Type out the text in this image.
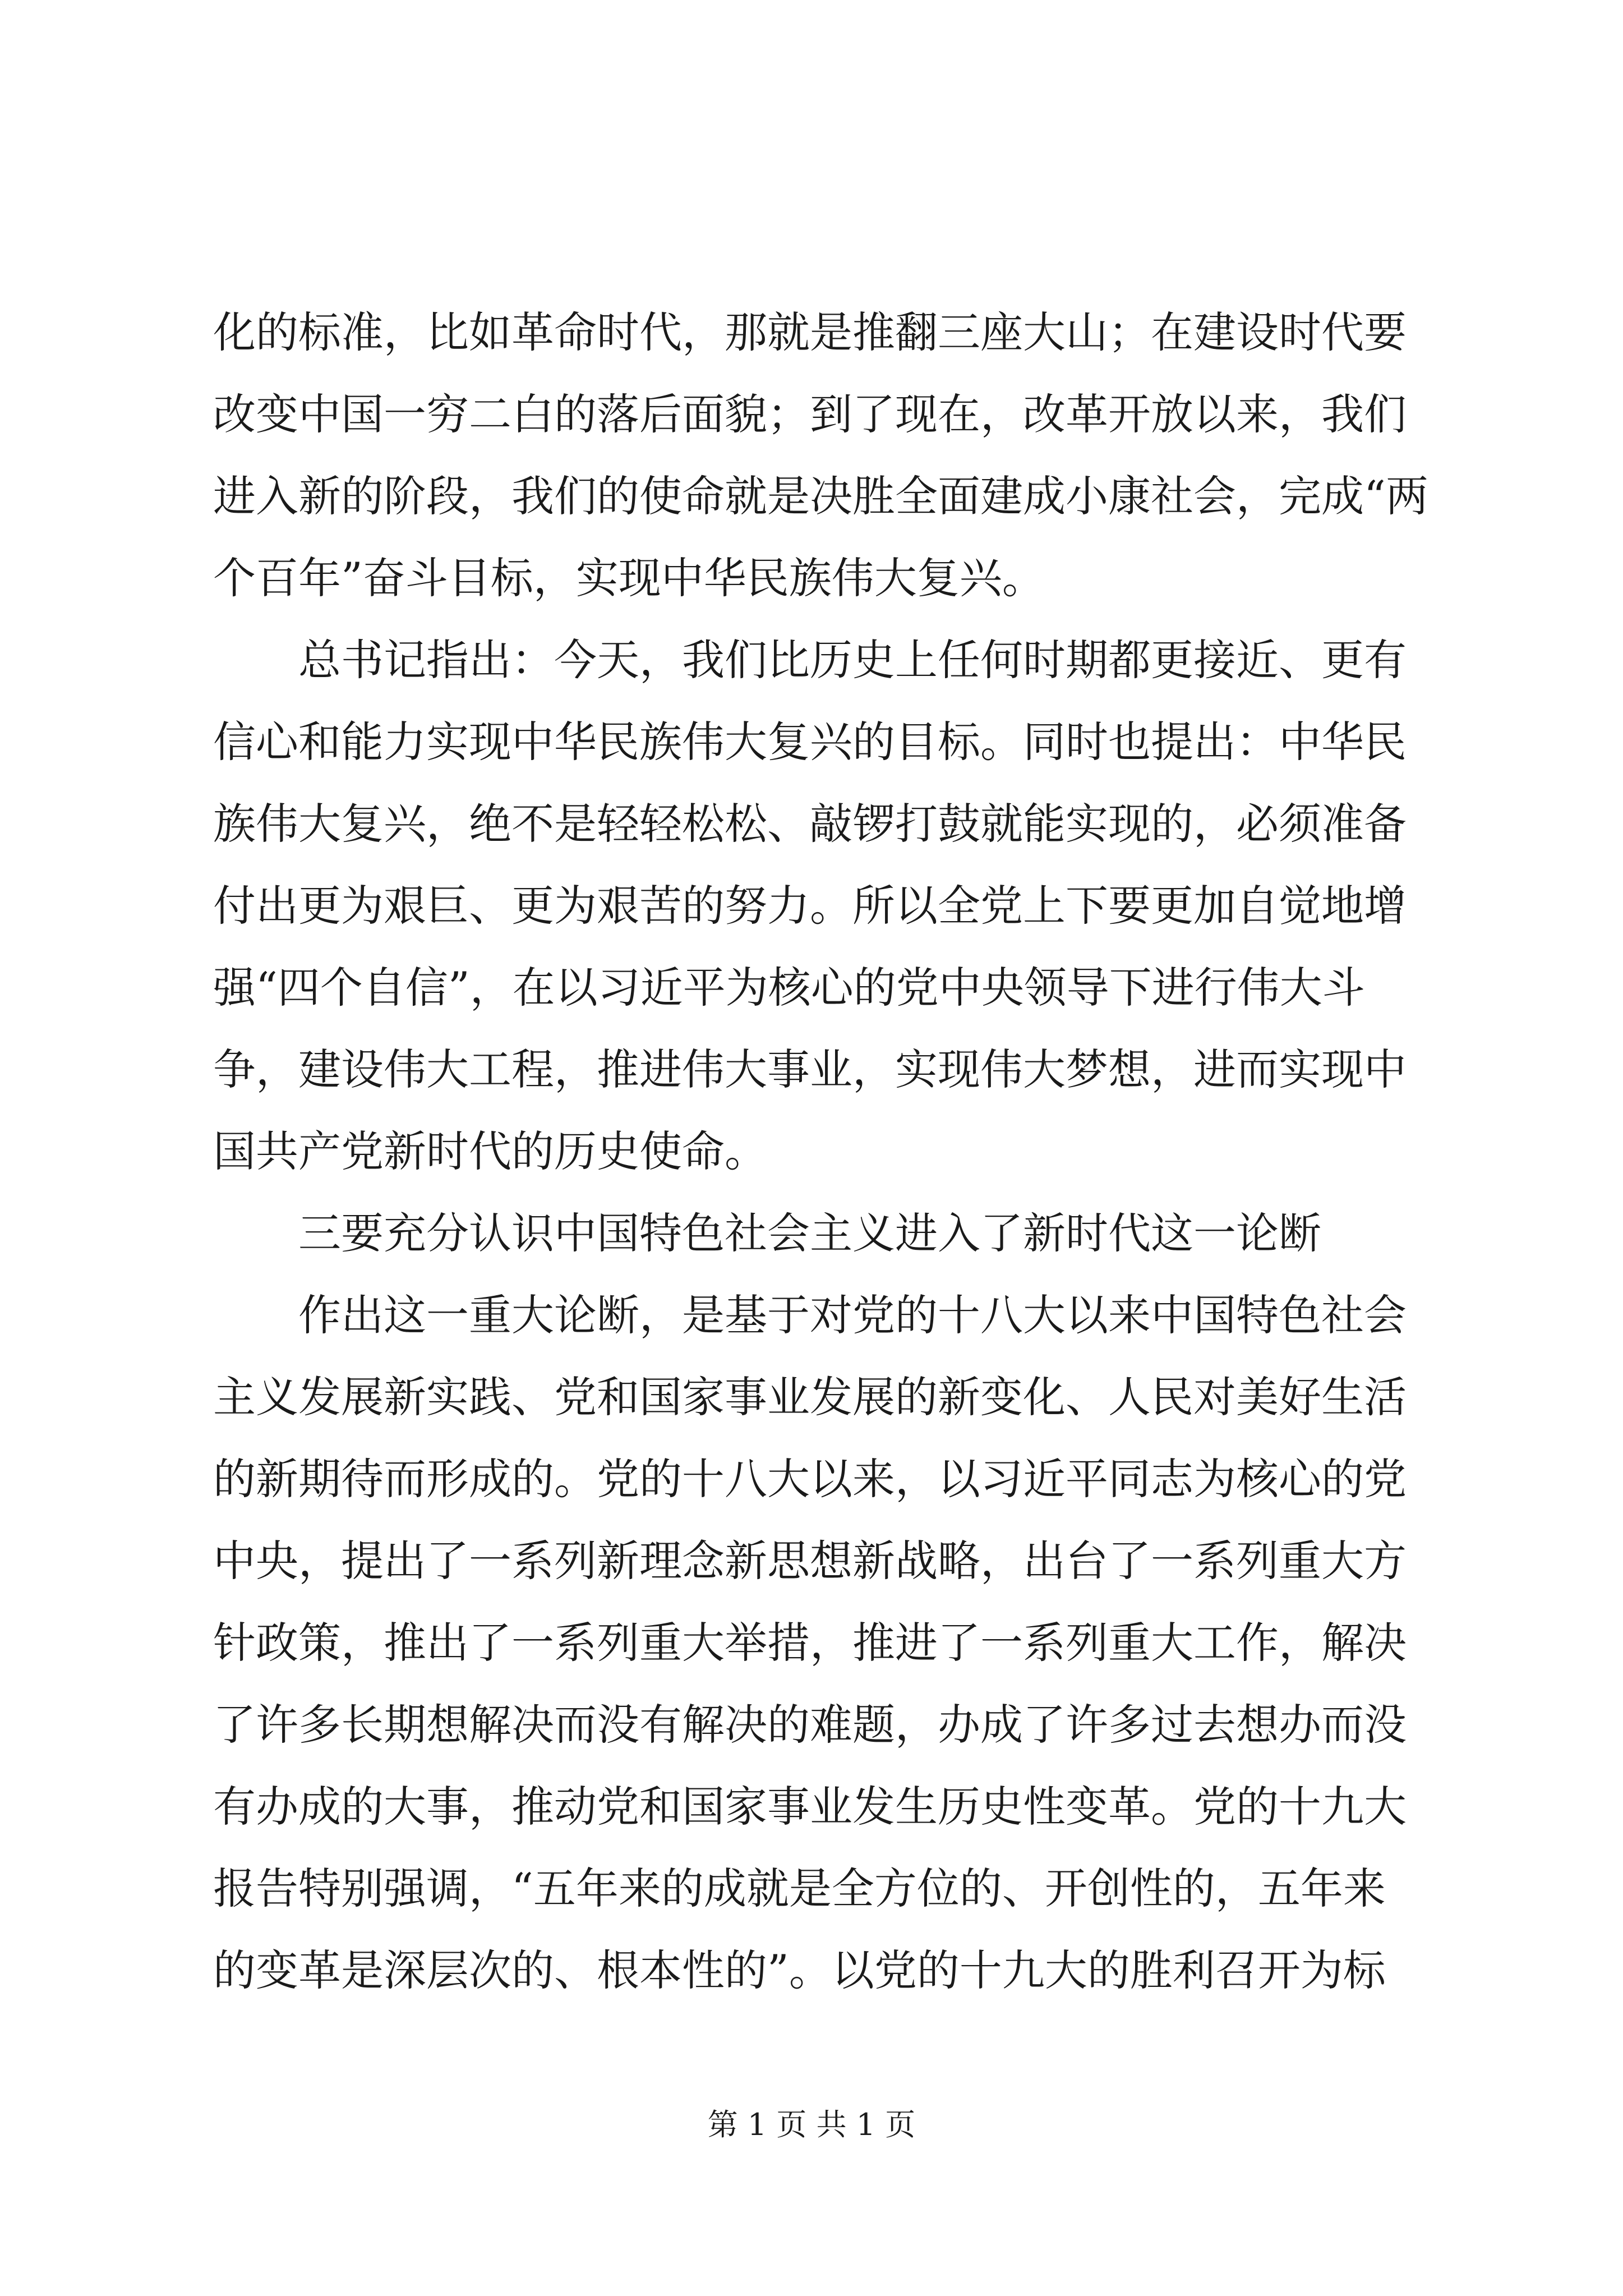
化的标准，比如革命时代，那就是推翻三座大山；在建设时代要
改变中国一穷二白的落后面貌；到了现在，改革开放以来，我们
进入新的阶段，我们的使命就是决胜全面建成小康社会，完成“两
个百年”奋斗目标，实现中华民族伟大复兴。
　　总书记指出：今天，我们比历史上任何时期都更接近、更有
信心和能力实现中华民族伟大复兴的目标。同时也提出：中华民
族伟大复兴，绝不是轻轻松松、敲锣打鼓就能实现的，必须准备
付出更为艰巨、更为艰苦的努力。所以全党上下要更加自觉地增
强“四个自信”，在以习近平为核心的党中央领导下进行伟大斗
争，建设伟大工程，推进伟大事业，实现伟大梦想，进而实现中
国共产党新时代的历史使命。
　　三要充分认识中国特色社会主义进入了新时代这一论断
　　作出这一重大论断，是基于对党的十八大以来中国特色社会
主义发展新实践、党和国家事业发展的新变化、人民对美好生活
的新期待而形成的。党的十八大以来，以习近平同志为核心的党
中央，提出了一系列新理念新思想新战略，出台了一系列重大方
针政策，推出了一系列重大举措，推进了一系列重大工作，解决
了许多长期想解决而没有解决的难题，办成了许多过去想办而没
有办成的大事，推动党和国家事业发生历史性变革。党的十九大
报告特别强调，“五年来的成就是全方位的、开创性的，五年来
的变革是深层次的、根本性的”。以党的十九大的胜利召开为标
第 1 页 共 1 页
